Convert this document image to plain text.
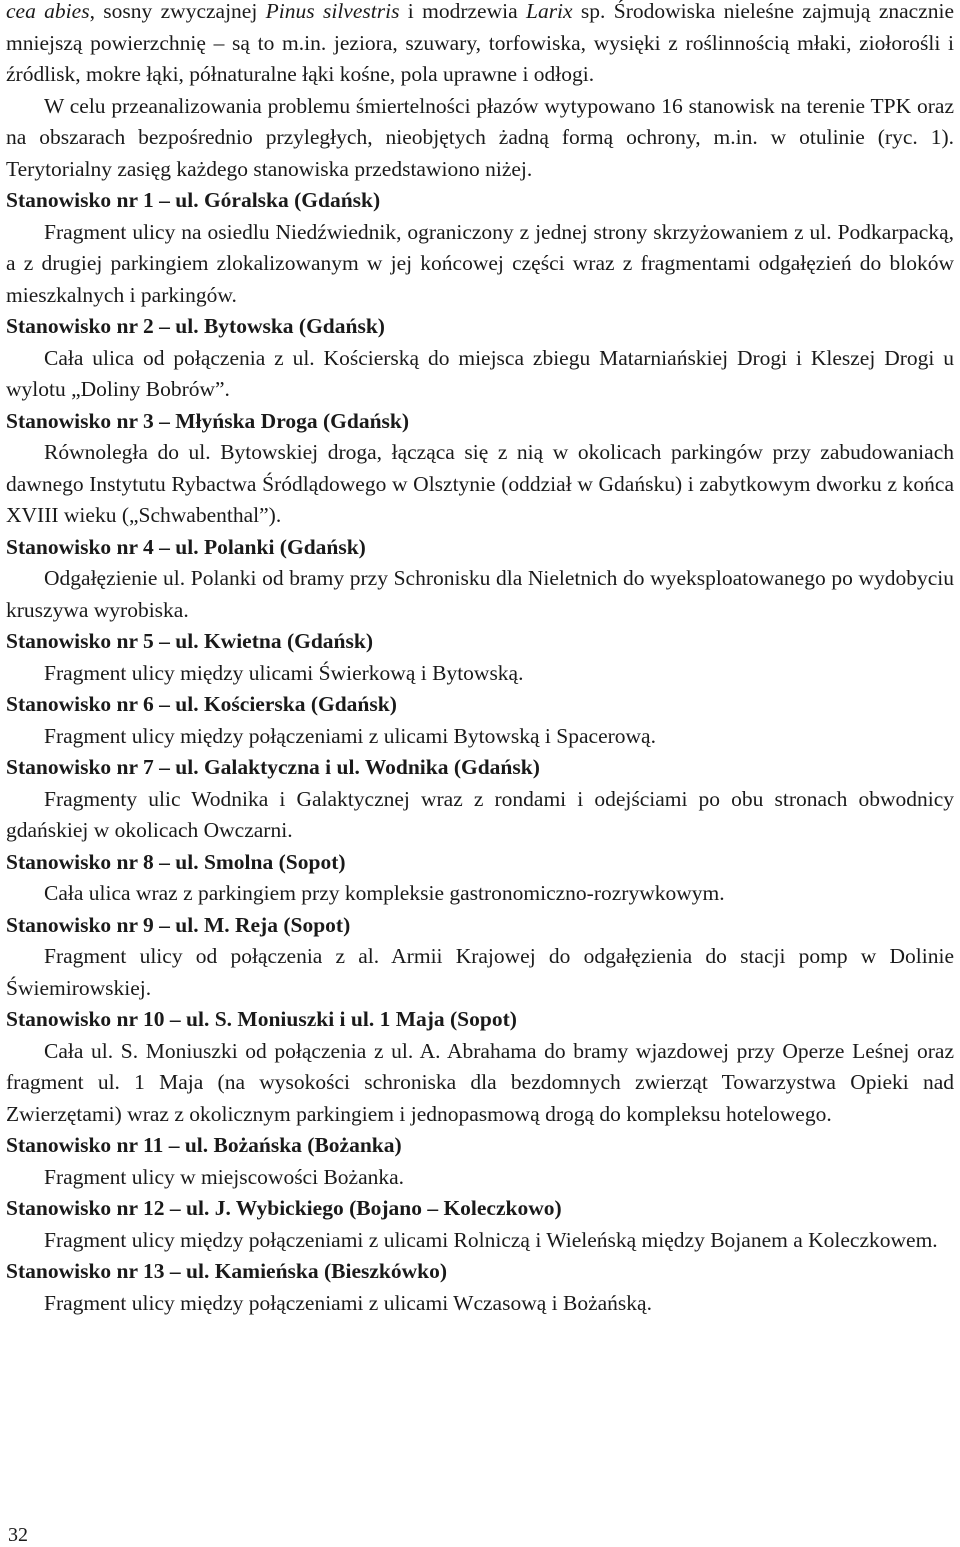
cea abies, sosny zwyczajnej Pinus silvestris i modrzewia Larix sp. Środowiska nieleśne zajmują znacznie mniejszą powierzchnię – są to m.in. jeziora, szuwary, torfowiska, wysięki z roślinnością młaki, ziołorośli i źródlisk, mokre łąki, półnaturalne łąki kośne, pola uprawne i odłogi.

W celu przeanalizowania problemu śmiertelności płazów wytypowano 16 stanowisk na terenie TPK oraz na obszarach bezpośrednio przyległych, nieobjętych żadną formą ochrony, m.in. w otulinie (ryc. 1). Terytorialny zasięg każdego stanowiska przedstawiono niżej.

Stanowisko nr 1 – ul. Góralska (Gdańsk)

Fragment ulicy na osiedlu Niedźwiednik, ograniczony z jednej strony skrzyżowaniem z ul. Podkarpacką, a z drugiej parkingiem zlokalizowanym w jej końcowej części wraz z fragmentami odgałęzień do bloków mieszkalnych i parkingów.

Stanowisko nr 2 – ul. Bytowska (Gdańsk)

Cała ulica od połączenia z ul. Kościerską do miejsca zbiegu Matarniańskiej Drogi i Kleszej Drogi u wylotu „Doliny Bobrów”.

Stanowisko nr 3 – Młyńska Droga (Gdańsk)

Równoległa do ul. Bytowskiej droga, łącząca się z nią w okolicach parkingów przy zabudowaniach dawnego Instytutu Rybactwa Śródlądowego w Olsztynie (oddział w Gdańsku) i zabytkowym dworku z końca XVIII wieku („Schwabenthal”).

Stanowisko nr 4 – ul. Polanki (Gdańsk)

Odgałęzienie ul. Polanki od bramy przy Schronisku dla Nieletnich do wyeksploatowanego po wydobyciu kruszywa wyrobiska.

Stanowisko nr 5 – ul. Kwietna (Gdańsk)

Fragment ulicy między ulicami Świerkową i Bytowską.

Stanowisko nr 6 – ul. Kościerska (Gdańsk)

Fragment ulicy między połączeniami z ulicami Bytowską i Spacerową.

Stanowisko nr 7 – ul. Galaktyczna i ul. Wodnika (Gdańsk)

Fragmenty ulic Wodnika i Galaktycznej wraz z rondami i odejściami po obu stronach obwodnicy gdańskiej w okolicach Owczarni.

Stanowisko nr 8 – ul. Smolna (Sopot)

Cała ulica wraz z parkingiem przy kompleksie gastronomiczno-rozrywkowym.

Stanowisko nr 9 – ul. M. Reja (Sopot)

Fragment ulicy od połączenia z al. Armii Krajowej do odgałęzienia do stacji pomp w Dolinie Świemirowskiej.

Stanowisko nr 10 – ul. S. Moniuszki i ul. 1 Maja (Sopot)

Cała ul. S. Moniuszki od połączenia z ul. A. Abrahama do bramy wjazdowej przy Operze Leśnej oraz fragment ul. 1 Maja (na wysokości schroniska dla bezdomnych zwierząt Towarzystwa Opieki nad Zwierzętami) wraz z okolicznym parkingiem i jednopasmową drogą do kompleksu hotelowego.

Stanowisko nr 11 – ul. Bożańska (Bożanka)

Fragment ulicy w miejscowości Bożanka.

Stanowisko nr 12 – ul. J. Wybickiego (Bojano – Koleczkowo)

Fragment ulicy między połączeniami z ulicami Rolniczą i Wieleńską między Bojanem a Koleczkowem.

Stanowisko nr 13 – ul. Kamieńska (Bieszkówko)

Fragment ulicy między połączeniami z ulicami Wczasową i Bożańską.

32
